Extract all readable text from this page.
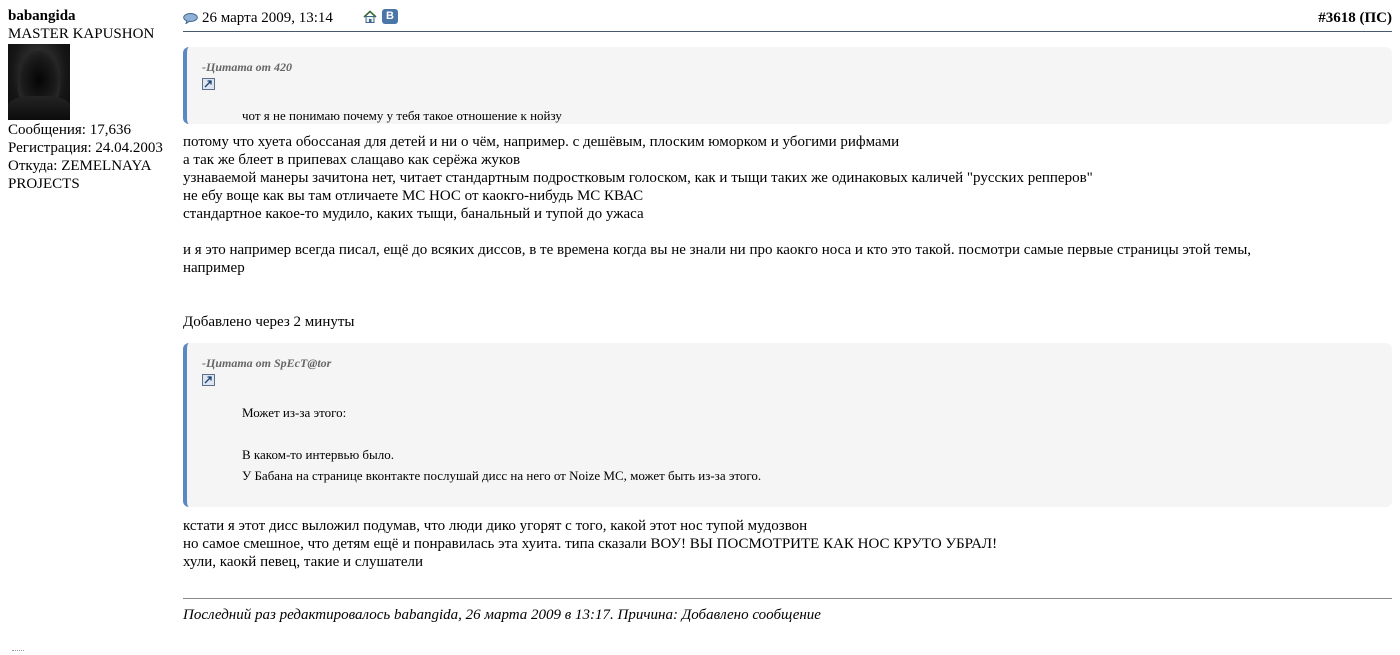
babangida
MASTER KAPUSHON
Сообщения: 17,636
Регистрация: 24.04.2003
Откуда: ZEMELNAYA
PROJECTS
26 марта 2009, 13:14	В	#3618 (ПС)
-Цитата от 420
чот я не понимаю почему у тебя такое отношение к нойзу
потому что хуета обоссаная для детей и ни о чём, например. с дешёвым, плоским юморком и убогими рифмами
а так же блеет в припевах слащаво как серёжа жуков
узнаваемой манеры зачитона нет, читает стандартным подростковым голоском, как и тыщи таких же одинаковых каличей "русских репперов"
не ебу воще как вы там отличаете МС НОС от каокго-нибудь МС КВАС
стандартное какое-то мудило, каких тыщи, банальный и тупой до ужаса
и я это например всегда писал, ещё до всяких диссов, в те времена когда вы не знали ни про каокго носа и кто это такой. посмотри самые первые страницы этой темы,
например
Добавлено через 2 минуты
-Цитата от SpEcT@tor
Может из-за этого:
В каком-то интервью было.
У Бабана на странице вконтакте послушай дисс на него от Noize MC, может быть из-за этого.
кстати я этот дисс выложил подумав, что люди дико угорят с того, какой этот нос тупой мудозвон
но самое смешное, что детям ещё и понравилась эта хуита. типа сказали ВОУ! ВЫ ПОСМОТРИТЕ КАК НОС КРУТО УБРАЛ!
хули, каокй певец, такие и слушатели
Последний раз редактировалось babangida, 26 марта 2009 в 13:17. Причина: Добавлено сообщение
